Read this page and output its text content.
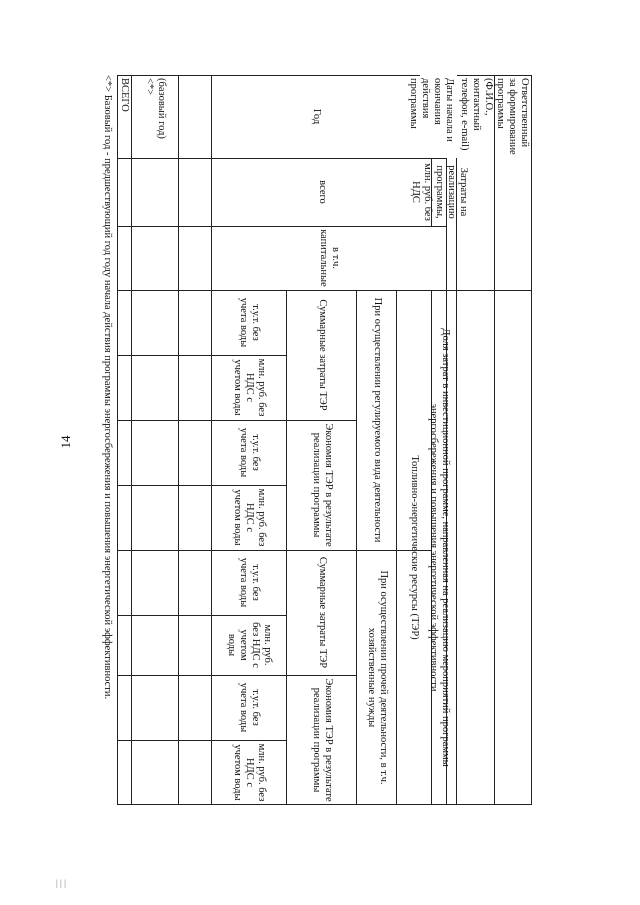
14
Ответственный за формирование программы (Ф.И.О., контактный телефон, e-mail)
Даты начала и окончания действия программы
Год
Затраты на реализацию программы, млн. руб. без НДС
всего
в т.ч. капитальные
Доля затрат в инвестиционной программе, направленная на реализацию мероприятий программы энергосбережения и повышения энергетической эффективности
Топливно-энергетические ресурсы (ТЭР)
При осуществлении регулируемого вида деятельности
При осуществлении прочей деятельности, в т.ч. хозяйственные нужды
Суммарные затраты ТЭР
Экономия ТЭР в результате реализации программы
Суммарные затраты ТЭР
Экономия ТЭР в результате реализации программы
т.у.т. без учета воды
млн. руб. без НДС с учетом воды
т.у.т. без учета воды
млн. руб. без НДС с учетом воды
т.у.т. без учета воды
млн. руб. без НДС с учетом воды
т.у.т. без учета воды
млн. руб. без НДС с учетом воды
(базовый год) <*>
ВСЕГО
<*> Базовый год - предшествующий год году начала действия программы энергосбережения и повышения энергетической эффективности.
| | |
